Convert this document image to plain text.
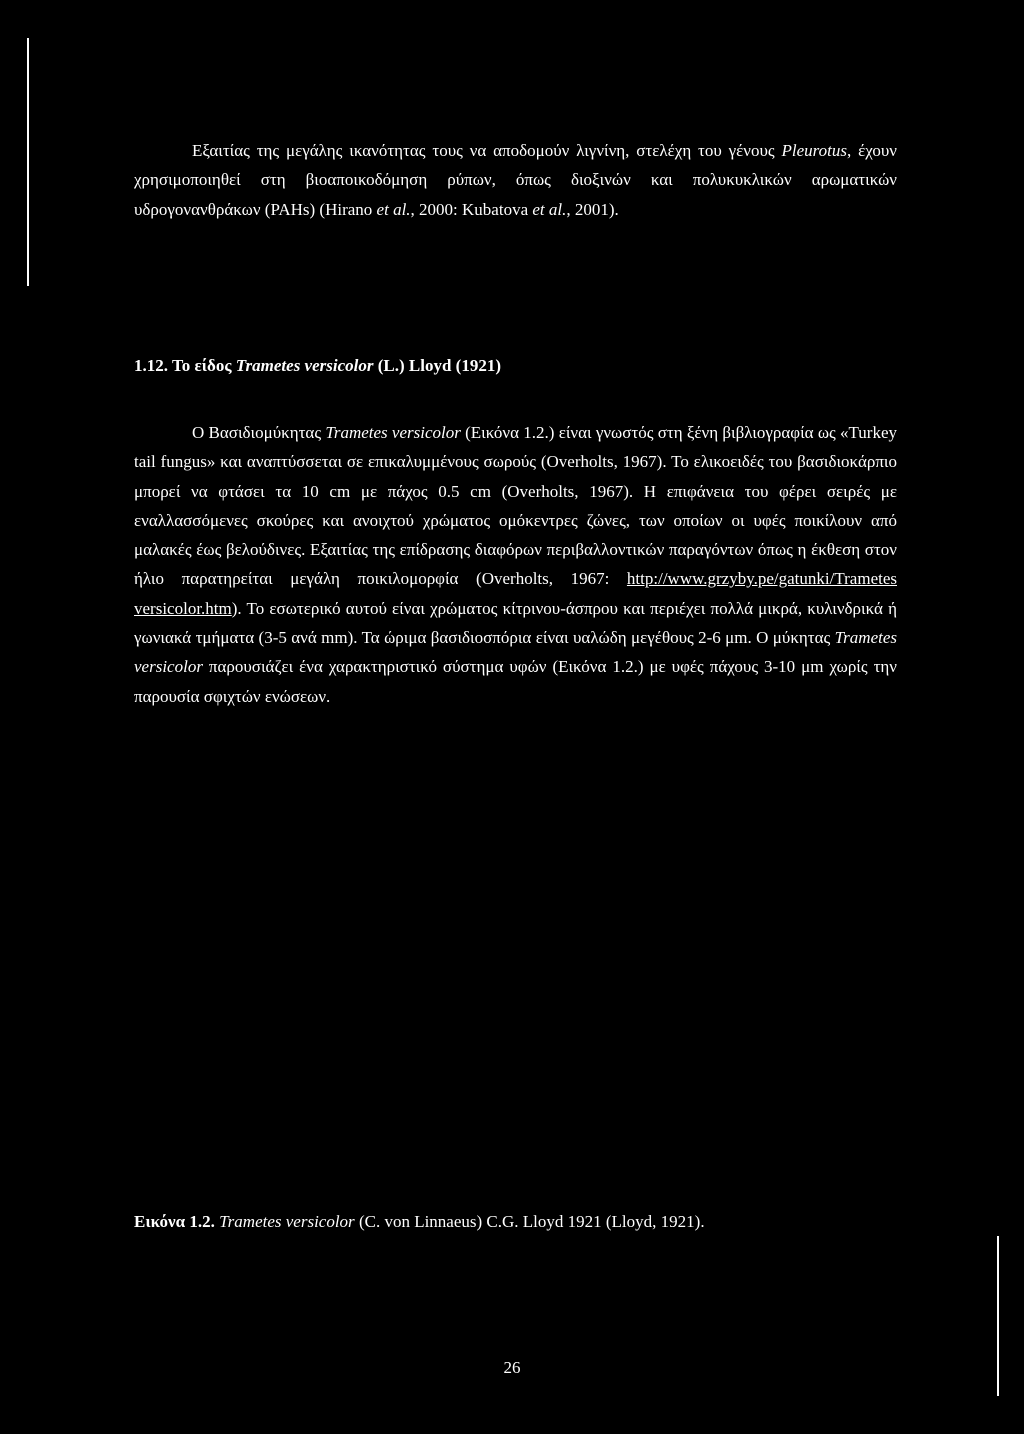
Εξαιτίας της μεγάλης ικανότητας τους να αποδομούν λιγνίνη, στελέχη του γένους Pleurotus, έχουν χρησιμοποιηθεί στη βιοαποικοδόμηση ρύπων, όπως διοξινών και πολυκυκλικών αρωματικών υδρογονανθράκων (PAHs) (Hirano et al., 2000: Kubatova et al., 2001).

1.12. Το είδος Trametes versicolor (L.) Lloyd (1921)

Ο Βασιδιομύκητας Trametes versicolor (Εικόνα 1.2.) είναι γνωστός στη ξένη βιβλιογραφία ως «Turkey tail fungus» και αναπτύσσεται σε επικαλυμμένους σωρούς (Overholts, 1967). Το ελικοειδές του βασιδιοκάρπιο μπορεί να φτάσει τα 10 cm με πάχος 0.5 cm (Overholts, 1967). Η επιφάνεια του φέρει σειρές με εναλλασσόμενες σκούρες και ανοιχτού χρώματος ομόκεντρες ζώνες, των οποίων οι υφές ποικίλουν από μαλακές έως βελούδινες. Εξαιτίας της επίδρασης διαφόρων περιβαλλοντικών παραγόντων όπως η έκθεση στον ήλιο παρατηρείται μεγάλη ποικιλομορφία (Overholts, 1967: http://www.grzyby.pe/gatunki/Trametes versicolor.htm). Το εσωτερικό αυτού είναι χρώματος κίτρινου-άσπρου και περιέχει πολλά μικρά, κυλινδρικά ή γωνιακά τμήματα (3-5 ανά mm). Τα ώριμα βασιδιοσπόρια είναι υαλώδη μεγέθους 2-6 μm. Ο μύκητας Trametes versicolor παρουσιάζει ένα χαρακτηριστικό σύστημα υφών (Εικόνα 1.2.) με υφές πάχους 3-10 μm χωρίς την παρουσία σφιχτών ενώσεων.

Εικόνα 1.2. Trametes versicolor (C. von Linnaeus) C.G. Lloyd 1921 (Lloyd, 1921).

26
